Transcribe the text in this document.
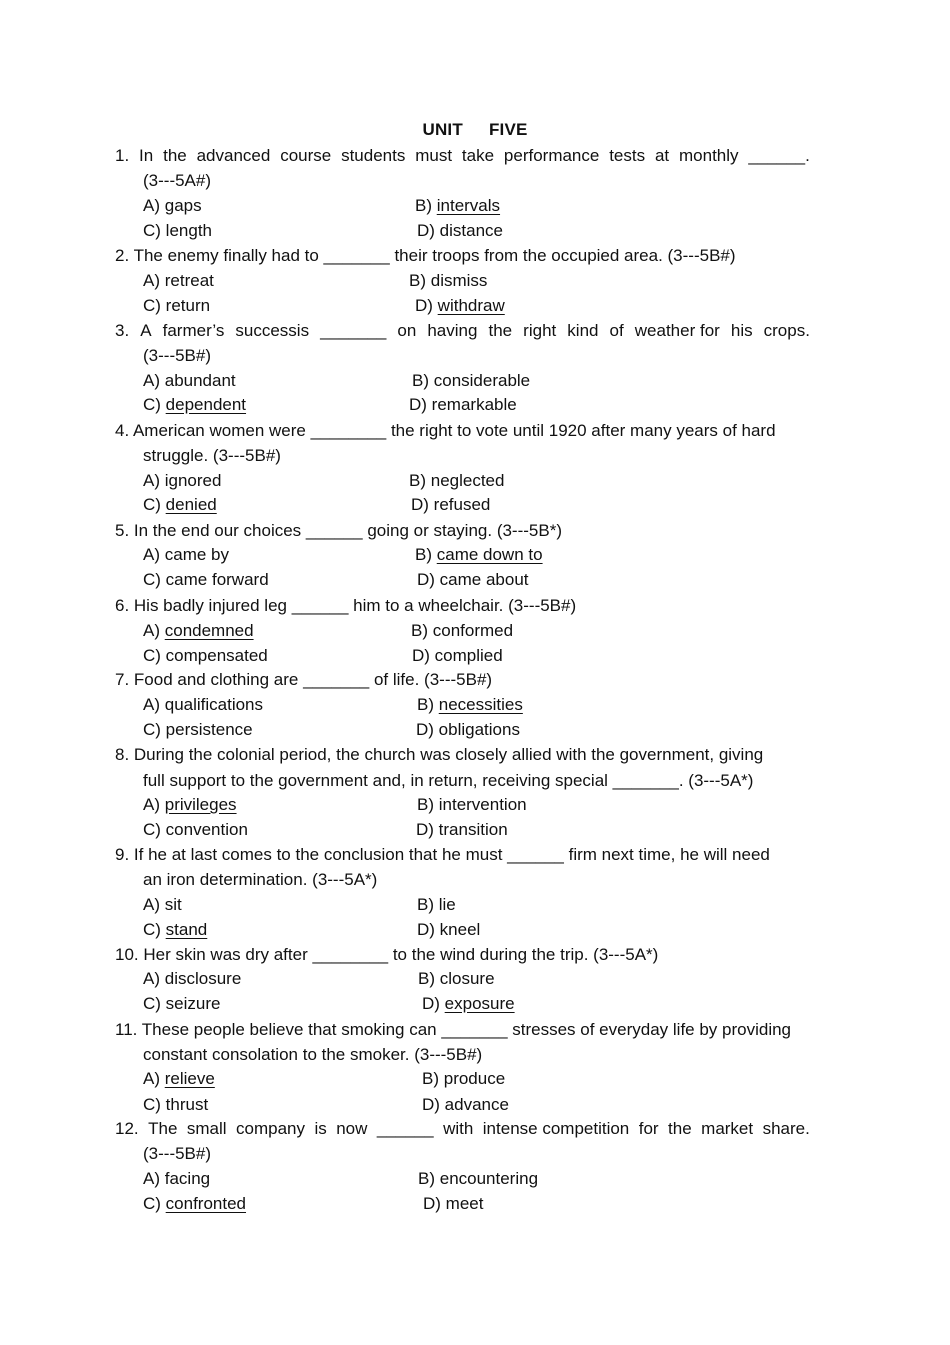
UNIT FIVE
1. In the advanced course students must take performance tests at monthly ______.
(3---5A#)
A) gaps	B) intervals
C) length	D) distance
2. The enemy finally had to _______ their troops from the occupied area. (3---5B#)
A) retreat	B) dismiss
C) return	D) withdraw
3. A farmer’s successis _______ on having the right kind of weather for his crops.
(3---5B#)
A) abundant	B) considerable
C) dependent	D) remarkable
4. American women were ________ the right to vote until 1920 after many years of hard
struggle. (3---5B#)
A) ignored	B) neglected
C) denied	D) refused
5. In the end our choices ______ going or staying. (3---5B*)
A) came by	B) came down to
C) came forward	D) came about
6. His badly injured leg ______ him to a wheelchair. (3---5B#)
A) condemned	B) conformed
C) compensated	D) complied
7. Food and clothing are _______ of life. (3---5B#)
A) qualifications	B) necessities
C) persistence	D) obligations
8. During the colonial period, the church was closely allied with the government, giving
full support to the government and, in return, receiving special _______. (3---5A*)
A) privileges	B) intervention
C) convention	D) transition
9. If he at last comes to the conclusion that he must ______ firm next time, he will need
an iron determination. (3---5A*)
A) sit	B) lie
C) stand	D) kneel
10. Her skin was dry after ________ to the wind during the trip. (3---5A*)
A) disclosure	B) closure
C) seizure	D) exposure
11. These people believe that smoking can _______ stresses of everyday life by providing
constant consolation to the smoker. (3---5B#)
A) relieve	B) produce
C) thrust	D) advance
12. The small company is now ______ with intense competition for the market share.
(3---5B#)
A) facing	B) encountering
C) confronted	D) meet
